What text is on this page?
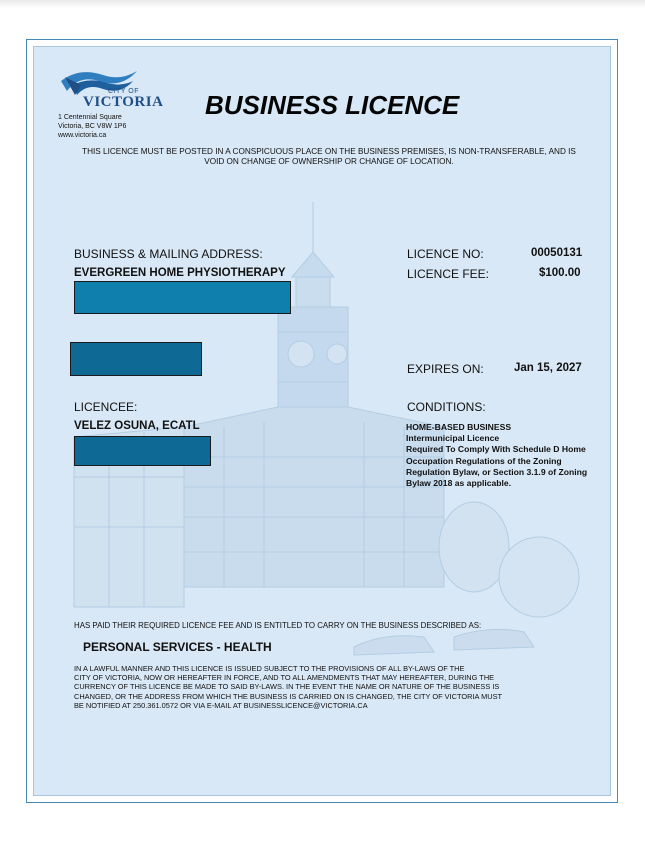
CITY OF
VICTORIA
1 Centennial Square
Victoria, BC V8W 1P6
www.victoria.ca
BUSINESS LICENCE
THIS LICENCE MUST BE POSTED IN A CONSPICUOUS PLACE ON THE BUSINESS PREMISES, IS NON-TRANSFERABLE, AND IS VOID ON CHANGE OF OWNERSHIP OR CHANGE OF LOCATION.
BUSINESS & MAILING ADDRESS:
EVERGREEN HOME PHYSIOTHERAPY
LICENCE NO:	00050131
LICENCE FEE:	$100.00
EXPIRES ON:	Jan 15, 2027
LICENCEE:
VELEZ OSUNA, ECATL
CONDITIONS:
HOME-BASED BUSINESS
Intermunicipal Licence
Required To Comply With Schedule D Home
Occupation Regulations of the Zoning
Regulation Bylaw, or Section 3.1.9 of Zoning
Bylaw 2018 as applicable.
HAS PAID THEIR REQUIRED LICENCE FEE AND IS ENTITLED TO CARRY ON THE BUSINESS DESCRIBED AS:
PERSONAL SERVICES - HEALTH
IN A LAWFUL MANNER AND THIS LICENCE IS ISSUED SUBJECT TO THE PROVISIONS OF ALL BY-LAWS OF THE
CITY OF VICTORIA, NOW OR HEREAFTER IN FORCE, AND TO ALL AMENDMENTS THAT MAY HEREAFTER, DURING THE
CURRENCY OF THIS LICENCE BE MADE TO SAID BY-LAWS. IN THE EVENT THE NAME OR NATURE OF THE BUSINESS IS
CHANGED, OR THE ADDRESS FROM WHICH THE BUSINESS IS CARRIED ON IS CHANGED, THE CITY OF VICTORIA MUST
BE NOTIFIED AT 250.361.0572 OR VIA E-MAIL AT BUSINESSLICENCE@VICTORIA.CA
